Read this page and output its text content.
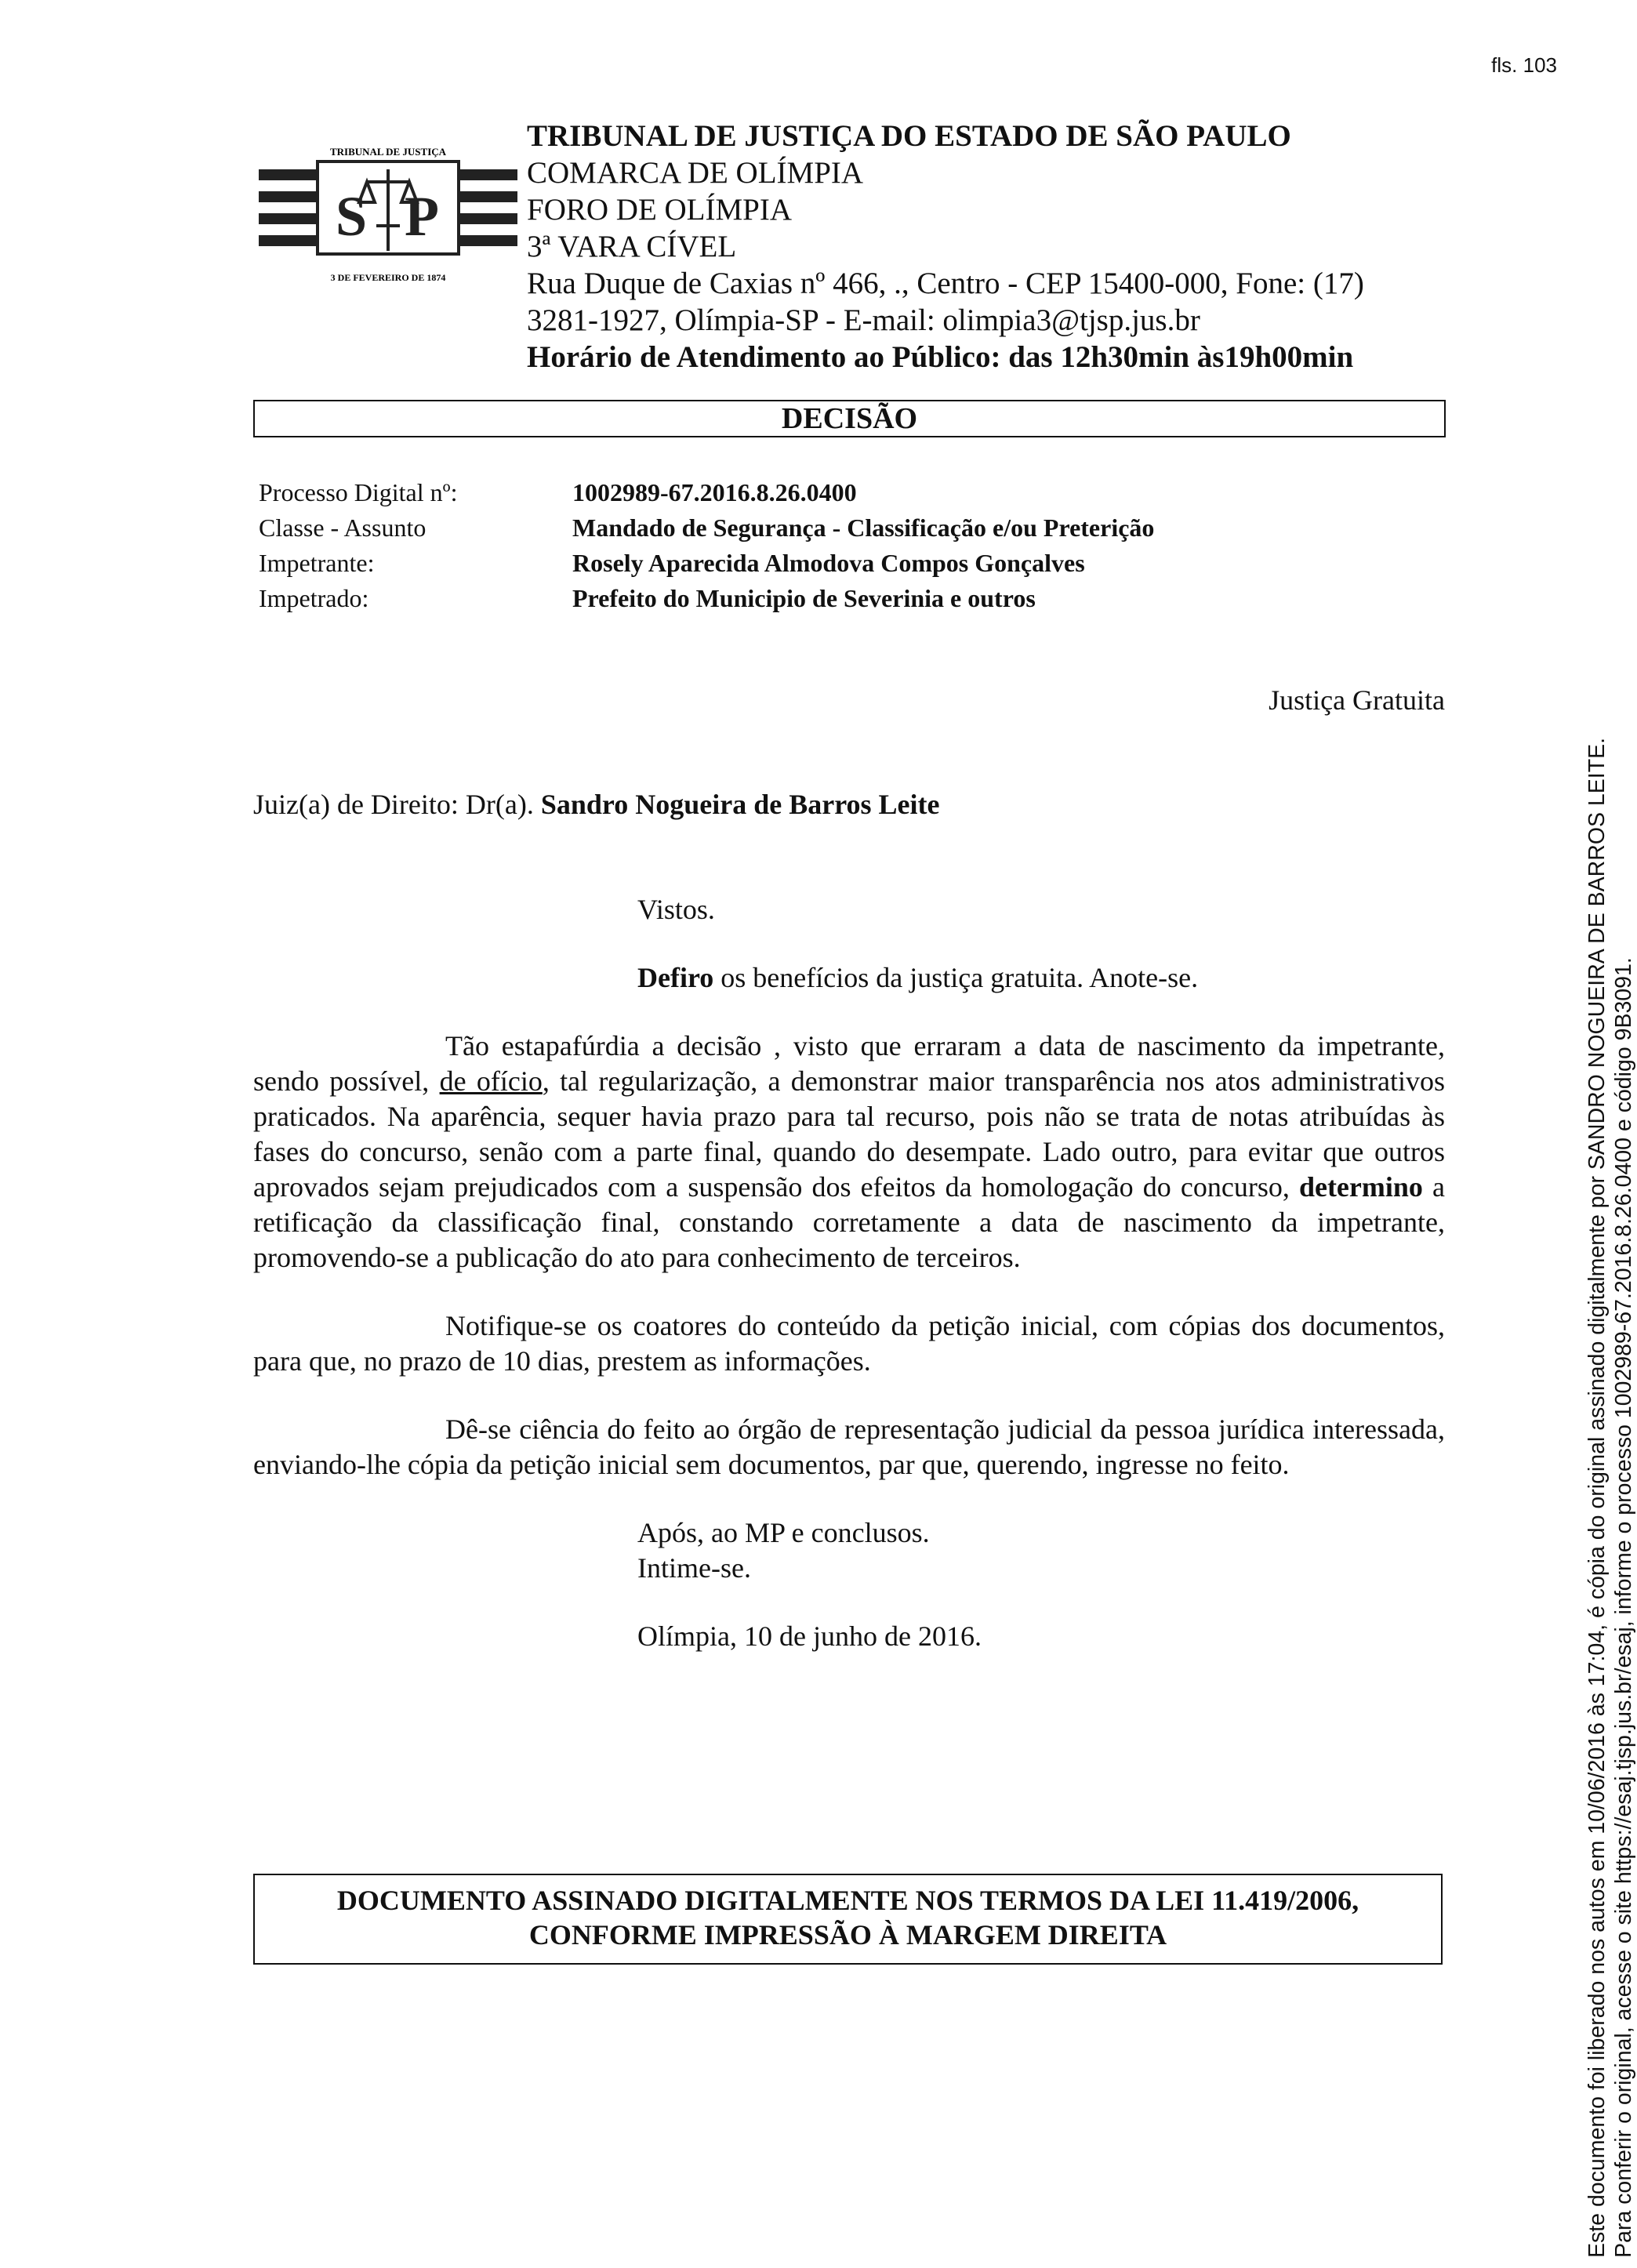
fls. 103
TRIBUNAL DE JUSTIÇA
S P
3 DE FEVEREIRO DE 1874
TRIBUNAL DE JUSTIÇA DO ESTADO DE SÃO PAULO
COMARCA DE OLÍMPIA
FORO DE OLÍMPIA
3ª VARA CÍVEL
Rua Duque de Caxias nº 466, ., Centro - CEP 15400-000, Fone: (17)
3281-1927, Olímpia-SP - E-mail: olimpia3@tjsp.jus.br
Horário de Atendimento ao Público: das 12h30min às19h00min
DECISÃO
Processo Digital nº:	1002989-67.2016.8.26.0400
Classe - Assunto	Mandado de Segurança - Classificação e/ou Preterição
Impetrante:	Rosely Aparecida Almodova Compos Gonçalves
Impetrado:	Prefeito do Municipio de Severinia e outros
Justiça Gratuita
Juiz(a) de Direito: Dr(a). Sandro Nogueira de Barros Leite

Vistos.

Defiro os benefícios da justiça gratuita. Anote-se.

Tão estapafúrdia a decisão , visto que erraram a data de nascimento da impetrante, sendo possível, de ofício, tal regularização, a demonstrar maior transparência nos atos administrativos praticados. Na aparência, sequer havia prazo para tal recurso, pois não se trata de notas atribuídas às fases do concurso, senão com a parte final, quando do desempate. Lado outro, para evitar que outros aprovados sejam prejudicados com a suspensão dos efeitos da homologação do concurso, determino a retificação da classificação final, constando corretamente a data de nascimento da impetrante, promovendo-se a publicação do ato para conhecimento de terceiros.

Notifique-se os coatores do conteúdo da petição inicial, com cópias dos documentos, para que, no prazo de 10 dias, prestem as informações.

Dê-se ciência do feito ao órgão de representação judicial da pessoa jurídica interessada, enviando-lhe cópia da petição inicial sem documentos, par que, querendo, ingresse no feito.

Após, ao MP e conclusos.

Intime-se.

Olímpia, 10 de junho de 2016.

DOCUMENTO ASSINADO DIGITALMENTE NOS TERMOS DA LEI 11.419/2006,
CONFORME IMPRESSÃO À MARGEM DIREITA	Este documento foi liberado nos autos em 10/06/2016 às 17:04, é cópia do original assinado digitalmente por SANDRO NOGUEIRA DE BARROS LEITE. Para conferir o original, acesse o site https://esaj.tjsp.jus.br/esaj, informe o processo 1002989-67.2016.8.26.0400 e código 9B3091.
